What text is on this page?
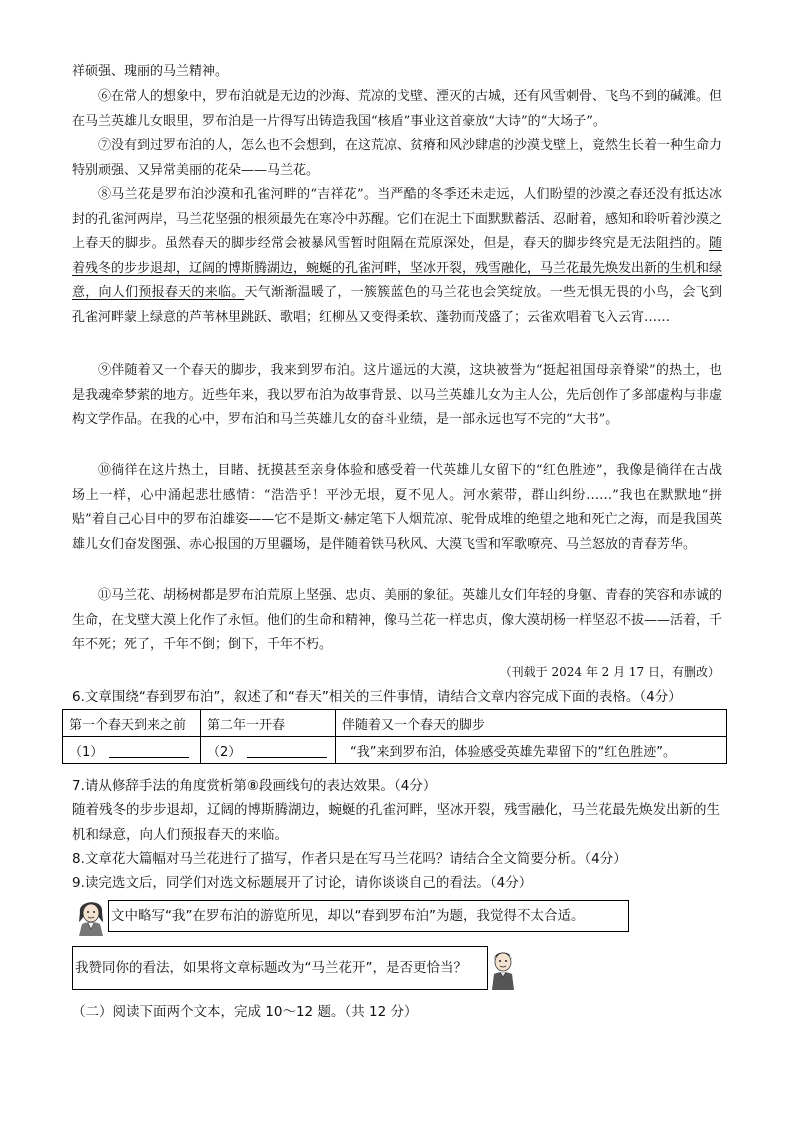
祥硕强、瑰丽的马兰精神。
⑥在常人的想象中，罗布泊就是无边的沙海、荒凉的戈壁、湮灭的古城，还有风雪刺骨、飞鸟不到的碱滩。但在马兰英雄儿女眼里，罗布泊是一片得写出铸造我国“核盾”事业这首豪放“大诗”的“大场子”。
⑦没有到过罗布泊的人，怎么也不会想到，在这荒凉、贫瘠和风沙肆虐的沙漠戈壁上，竟然生长着一种生命力特别顽强、又异常美丽的花朵——马兰花。
⑧马兰花是罗布泊沙漠和孔雀河畔的“吉祥花”。当严酷的冬季还未走远，人们盼望的沙漠之春还没有抵达冰封的孔雀河两岸，马兰花坚强的根须最先在寒冷中苏醒。它们在泥土下面默默蓄活、忍耐着，感知和聆听着沙漠之上春天的脚步。虽然春天的脚步经常会被暴风雪暂时阻隔在荒原深处，但是，春天的脚步终究是无法阻挡的。随着残冬的步步退却，辽阔的博斯腾湖边，蜿蜒的孔雀河畔，坚冰开裂，残雪融化，马兰花最先焕发出新的生机和绿意，向人们预报春天的来临。天气渐渐温暖了，一簇簇蓝色的马兰花也会笑绽放。一些无惧无畏的小鸟，会飞到孔雀河畔蒙上绿意的芦苇林里跳跃、歌唱；红柳丛又变得柔软、蓬勃而茂盛了；云雀欢唱着飞入云宵……
⑨伴随着又一个春天的脚步，我来到罗布泊。这片遥远的大漠，这块被誉为“挺起祖国母亲脊梁”的热土，也是我魂牵梦萦的地方。近些年来，我以罗布泊为故事背景、以马兰英雄儿女为主人公，先后创作了多部虚构与非虚构文学作品。在我的心中，罗布泊和马兰英雄儿女的奋斗业绩，是一部永远也写不完的“大书”。
⑩徜徉在这片热土，目睹、抚摸甚至亲身体验和感受着一代英雄儿女留下的“红色胜迹”，我像是徜徉在古战场上一样，心中涌起悲壮感情：“浩浩乎！平沙无垠，夏不见人。河水萦带，群山纠纷……”我也在默默地“拼贴”着自己心目中的罗布泊雄姿——它不是斯文·赫定笔下人烟荒凉、驼骨成堆的绝望之地和死亡之海，而是我国英雄儿女们奋发图强、赤心报国的万里疆场，是伴随着铁马秋风、大漠飞雪和军歌嘹亮、马兰怒放的青春芳华。
⑪马兰花、胡杨树都是罗布泊荒原上坚强、忠贞、美丽的象征。英雄儿女们年轻的身躯、青春的笑容和赤诚的生命，在戈壁大漠上化作了永恒。他们的生命和精神，像马兰花一样忠贞，像大漠胡杨一样坚忍不拔——活着，千年不死；死了，千年不倒；倒下，千年不朽。
（刊载于 2024 年 2 月 17 日，有删改）
6.文章围绕“春到罗布泊”，叙述了和“春天”相关的三件事情，请结合文章内容完成下面的表格。（4分）
第一个春天到来之前	第二年一开春	伴随着又一个春天的脚步
（1）	（2）	“我”来到罗布泊，体验感受英雄先辈留下的“红色胜迹”。
7.请从修辞手法的角度赏析第⑧段画线句的表达效果。（4分）
随着残冬的步步退却，辽阔的博斯腾湖边，蜿蜒的孔雀河畔，坚冰开裂，残雪融化，马兰花最先焕发出新的生机和绿意，向人们预报春天的来临。
8.文章花大篇幅对马兰花进行了描写，作者只是在写马兰花吗？请结合全文简要分析。（4分）
9.读完选文后，同学们对选文标题展开了讨论，请你谈谈自己的看法。（4分）
文中略写“我”在罗布泊的游览所见，却以“春到罗布泊”为题，我觉得不太合适。
我赞同你的看法，如果将文章标题改为“马兰花开”，是否更恰当？
（二）阅读下面两个文本，完成 10～12 题。（共 12 分）
